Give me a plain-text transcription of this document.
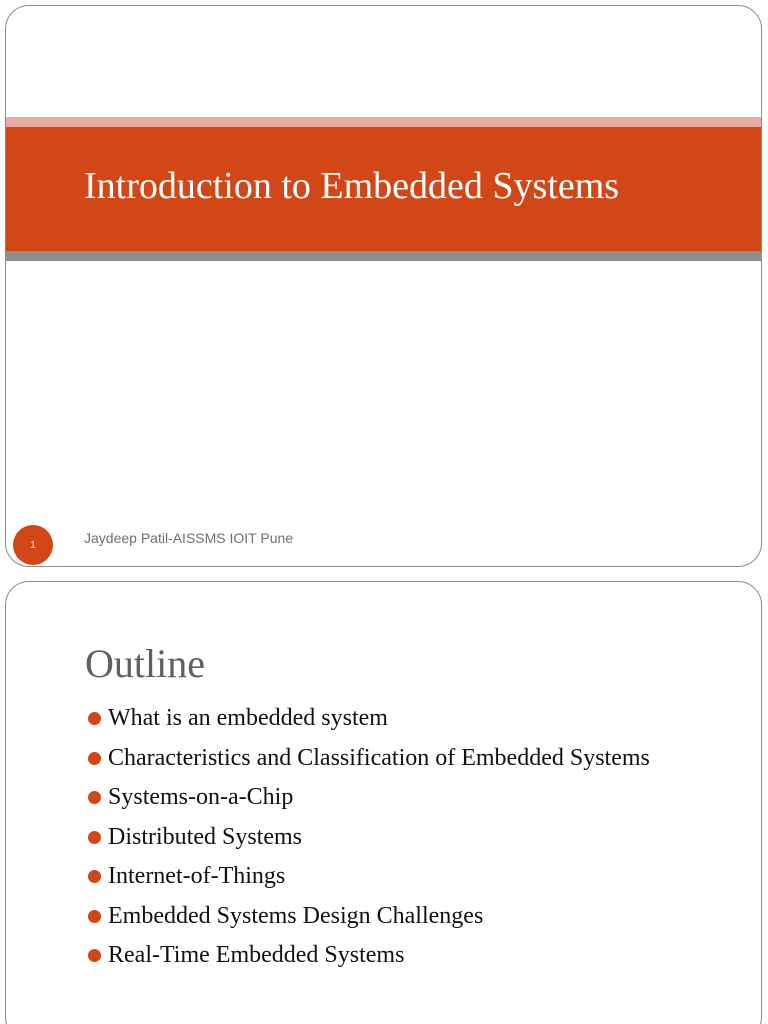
Introduction to Embedded Systems
1	Jaydeep Patil-AISSMS IOIT Pune
Outline
What is an embedded system
Characteristics and Classification of Embedded Systems
Systems-on-a-Chip
Distributed Systems
Internet-of-Things
Embedded Systems Design Challenges
Real-Time Embedded Systems
